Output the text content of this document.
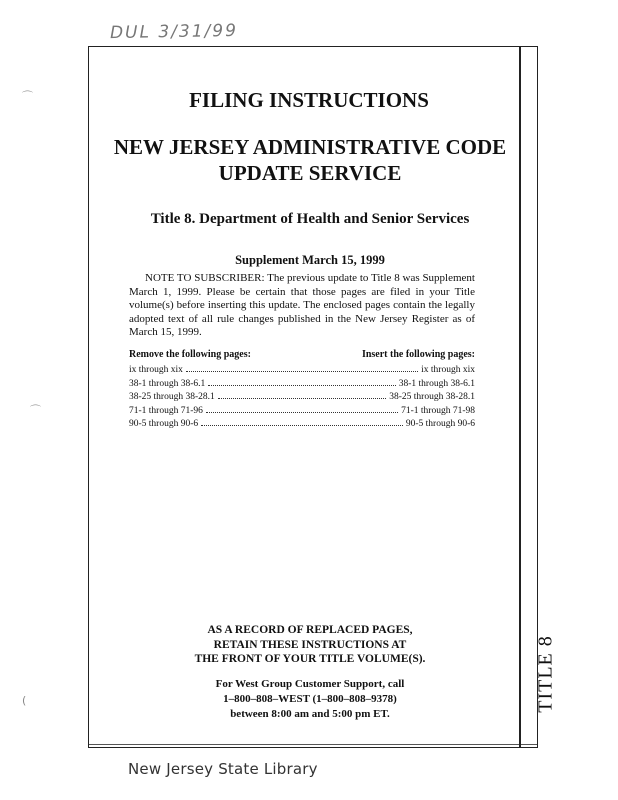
DUL 3/31/99
TITLE 8
⌒
⌒
(
FILING INSTRUCTIONS
NEW JERSEY ADMINISTRATIVE CODE
UPDATE SERVICE
Title 8. Department of Health and Senior Services

Supplement March 15, 1999

NOTE TO SUBSCRIBER: The previous update to Title 8 was Supplement March 1, 1999. Please be certain that those pages are filed in your Title volume(s) before inserting this update. The enclosed pages contain the legally adopted text of all rule changes published in the New Jersey Register as of March 15, 1999.

Remove the following pages:	Insert the following pages:
ix through xix	ix through xix
38-1 through 38-6.1	38-1 through 38-6.1
38-25 through 38-28.1	38-25 through 38-28.1
71-1 through 71-96	71-1 through 71-98
90-5 through 90-6	90-5 through 90-6

AS A RECORD OF REPLACED PAGES,
RETAIN THESE INSTRUCTIONS AT
THE FRONT OF YOUR TITLE VOLUME(S).

For West Group Customer Support, call
1–800–808–WEST (1–800–808–9378)
between 8:00 am and 5:00 pm ET.

New Jersey State Library
